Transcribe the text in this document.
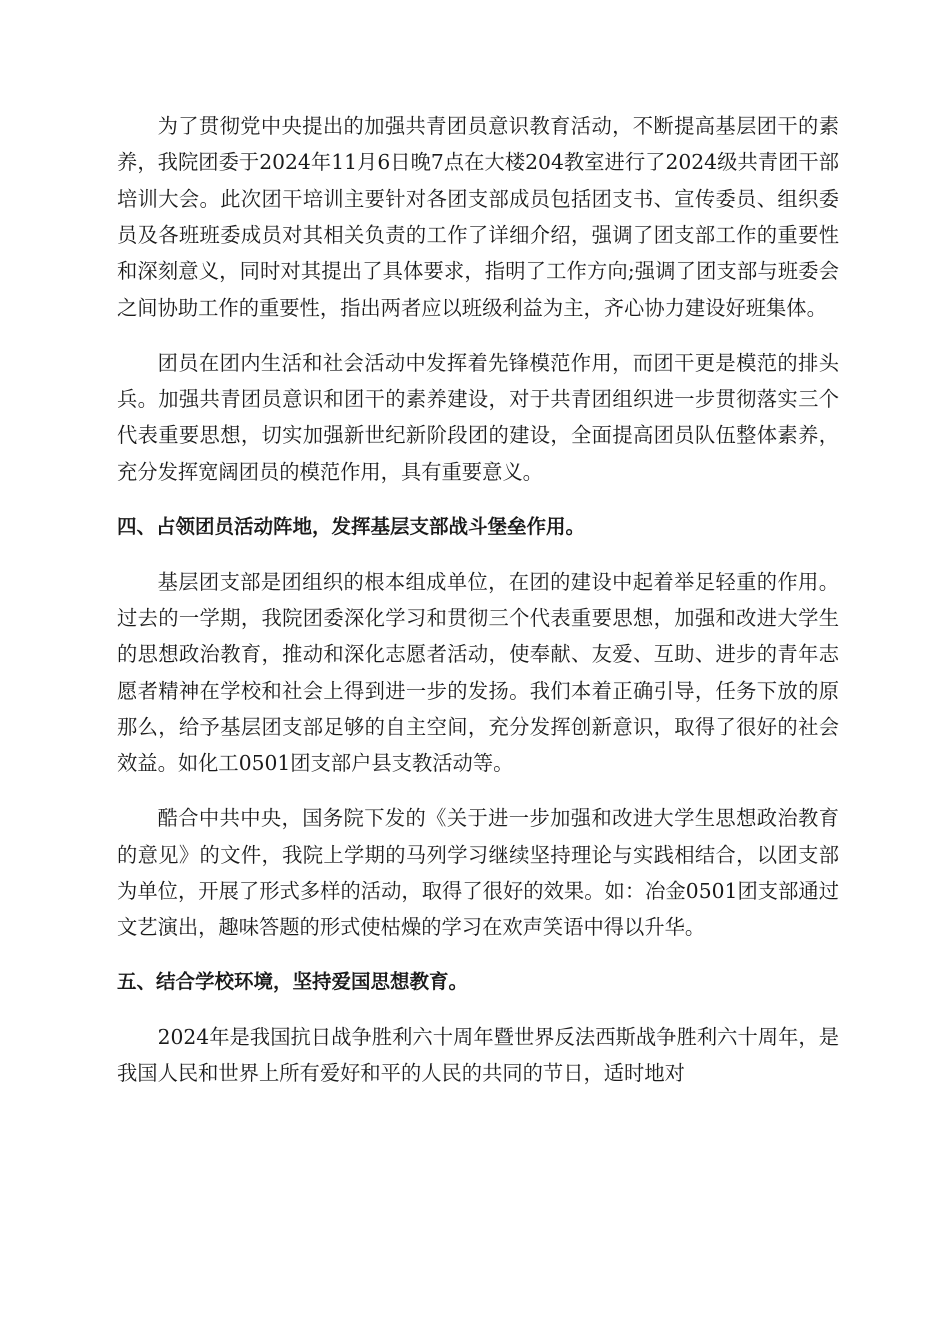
为了贯彻党中央提出的加强共青团员意识教育活动，不断提高基层团干的素养，我院团委于2024年11月6日晚7点在大楼204教室进行了2024级共青团干部培训大会。此次团干培训主要针对各团支部成员包括团支书、宣传委员、组织委员及各班班委成员对其相关负责的工作了详细介绍，强调了团支部工作的重要性和深刻意义，同时对其提出了具体要求，指明了工作方向;强调了团支部与班委会之间协助工作的重要性，指出两者应以班级利益为主，齐心协力建设好班集体。

团员在团内生活和社会活动中发挥着先锋模范作用，而团干更是模范的排头兵。加强共青团员意识和团干的素养建设，对于共青团组织进一步贯彻落实三个代表重要思想，切实加强新世纪新阶段团的建设，全面提高团员队伍整体素养，充分发挥宽阔团员的模范作用，具有重要意义。

四、占领团员活动阵地，发挥基层支部战斗堡垒作用。

基层团支部是团组织的根本组成单位，在团的建设中起着举足轻重的作用。过去的一学期，我院团委深化学习和贯彻三个代表重要思想，加强和改进大学生的思想政治教育，推动和深化志愿者活动，使奉献、友爱、互助、进步的青年志愿者精神在学校和社会上得到进一步的发扬。我们本着正确引导，任务下放的原那么，给予基层团支部足够的自主空间，充分发挥创新意识，取得了很好的社会效益。如化工0501团支部户县支教活动等。

酷合中共中央，国务院下发的《关于进一步加强和改进大学生思想政治教育的意见》的文件，我院上学期的马列学习继续坚持理论与实践相结合，以团支部为单位，开展了形式多样的活动，取得了很好的效果。如：冶金0501团支部通过文艺演出，趣味答题的形式使枯燥的学习在欢声笑语中得以升华。

五、结合学校环境，坚持爱国思想教育。

2024年是我国抗日战争胜利六十周年暨世界反法西斯战争胜利六十周年，是我国人民和世界上所有爱好和平的人民的共同的节日，适时地对
